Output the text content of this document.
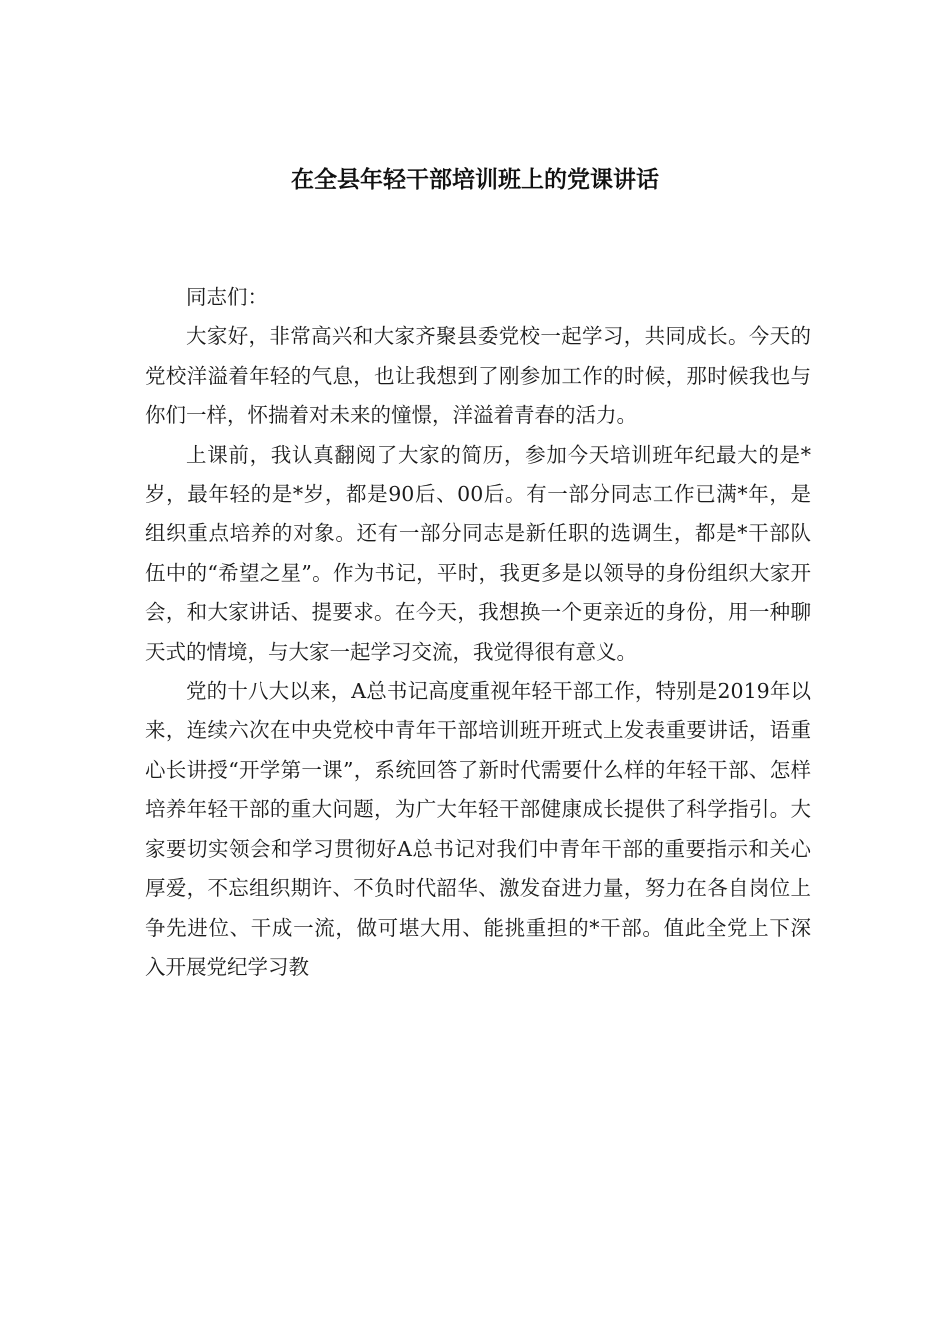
在全县年轻干部培训班上的党课讲话

同志们：

大家好，非常高兴和大家齐聚县委党校一起学习，共同成长。今天的党校洋溢着年轻的气息，也让我想到了刚参加工作的时候，那时候我也与你们一样，怀揣着对未来的憧憬，洋溢着青春的活力。

上课前，我认真翻阅了大家的简历，参加今天培训班年纪最大的是*岁，最年轻的是*岁，都是90后、00后。有一部分同志工作已满*年，是组织重点培养的对象。还有一部分同志是新任职的选调生，都是*干部队伍中的“希望之星”。作为书记，平时，我更多是以领导的身份组织大家开会，和大家讲话、提要求。在今天，我想换一个更亲近的身份，用一种聊天式的情境，与大家一起学习交流，我觉得很有意义。

党的十八大以来，A总书记高度重视年轻干部工作，特别是2019年以来，连续六次在中央党校中青年干部培训班开班式上发表重要讲话，语重心长讲授“开学第一课”，系统回答了新时代需要什么样的年轻干部、怎样培养年轻干部的重大问题，为广大年轻干部健康成长提供了科学指引。大家要切实领会和学习贯彻好A总书记对我们中青年干部的重要指示和关心厚爱，不忘组织期许、不负时代韶华、激发奋进力量，努力在各自岗位上争先进位、干成一流，做可堪大用、能挑重担的*干部。值此全党上下深入开展党纪学习教
